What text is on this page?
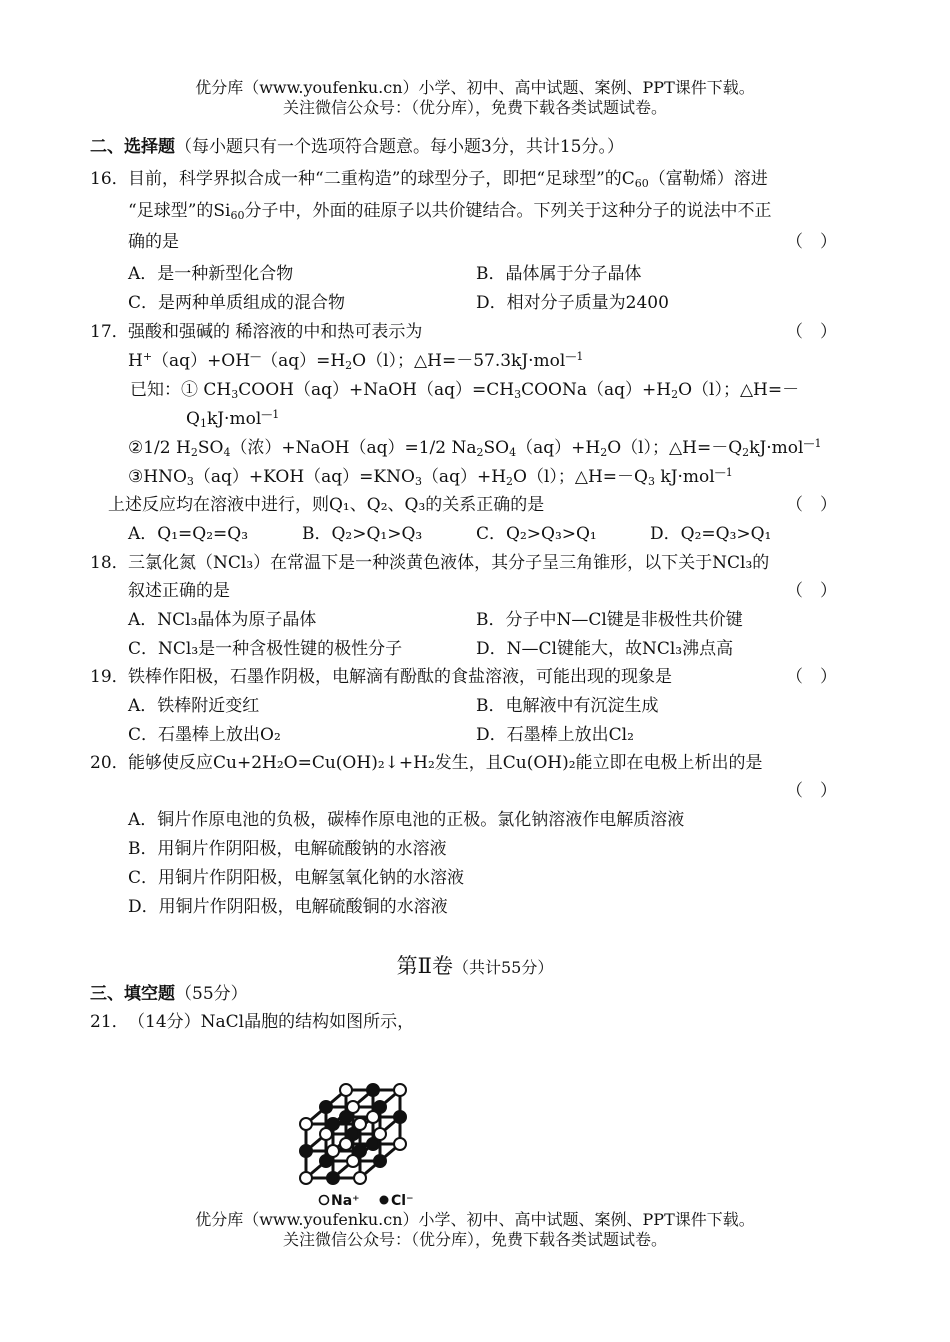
优分库（www.youfenku.cn）小学、初中、高中试题、案例、PPT课件下载。
关注微信公众号：（优分库），免费下载各类试题试卷。
二、选择题（每小题只有一个选项符合题意。每小题3分，共计15分。）
16． 目前，科学界拟合成一种“二重构造”的球型分子，即把“足球型”的$C_{60}$（富勒烯）溶进
“足球型”的$Si_{60}$分子中，外面的硅原子以共价键结合。下列关于这种分子的说法中不正
确的是	（　）
A．是一种新型化合物	B．晶体属于分子晶体
C．是两种单质组成的混合物	D．相对分子质量为2400
17． 强酸和强碱的 稀溶液的中和热可表示为	（　）
$H^+(aq)+OH^—(aq)=H_2O(l)$；△H=－57.3kJ·mol$^{—1}$
已知：① $CH_3COOH(aq)+NaOH(aq)=CH_3COONa(aq)+H_2O(l)$；△H=－
$Q_1kJ\cdot mol^{—1}$
②1/2 $H_2SO_4$（浓）+NaOH（aq）=1/2 $Na_2SO_4(aq)+H_2O(l)$；$\triangle H=-Q_2kJ\cdot mol^{—1}$
$③HNO_3(aq)+KOH(aq)=KNO_3(aq)+H_2O(l)$；$\triangle H=-Q_3$ kJ·mol$^{—1}$
上述反应均在溶液中进行，则Q₁、Q₂、Q₃的关系正确的是	（　）
A．Q₁=Q₂=Q₃	B．Q₂>Q₁>Q₃	C．Q₂>Q₃>Q₁	D．Q₂=Q₃>Q₁
18． 三氯化氮（NCl₃）在常温下是一种淡黄色液体，其分子呈三角锥形，以下关于NCl₃的
叙述正确的是	（　）
A．NCl₃晶体为原子晶体	B．分子中N—Cl键是非极性共价键
C．NCl₃是一种含极性键的极性分子	D．N—Cl键能大，故NCl₃沸点高
19． 铁棒作阳极，石墨作阴极，电解滴有酚酞的食盐溶液，可能出现的现象是	（　）
A．铁棒附近变红	B．电解液中有沉淀生成
C．石墨棒上放出O₂	D．石墨棒上放出Cl₂
20． 能够使反应Cu+2H₂O=Cu(OH)₂↓+H₂发生，且Cu(OH)₂能立即在电极上析出的是
（　）
A．铜片作原电池的负极，碳棒作原电池的正极。氯化钠溶液作电解质溶液
B．用铜片作阴阳极，电解硫酸钠的水溶液
C．用铜片作阴阳极，电解氢氧化钠的水溶液
D．用铜片作阴阳极，电解硫酸铜的水溶液
第Ⅱ卷（共计55分）
三、填空题（55分）
21． （14分）NaCl晶胞的结构如图所示，
Na⁺ Cl⁻
优分库（www.youfenku.cn）小学、初中、高中试题、案例、PPT课件下载。
关注微信公众号：（优分库），免费下载各类试题试卷。
